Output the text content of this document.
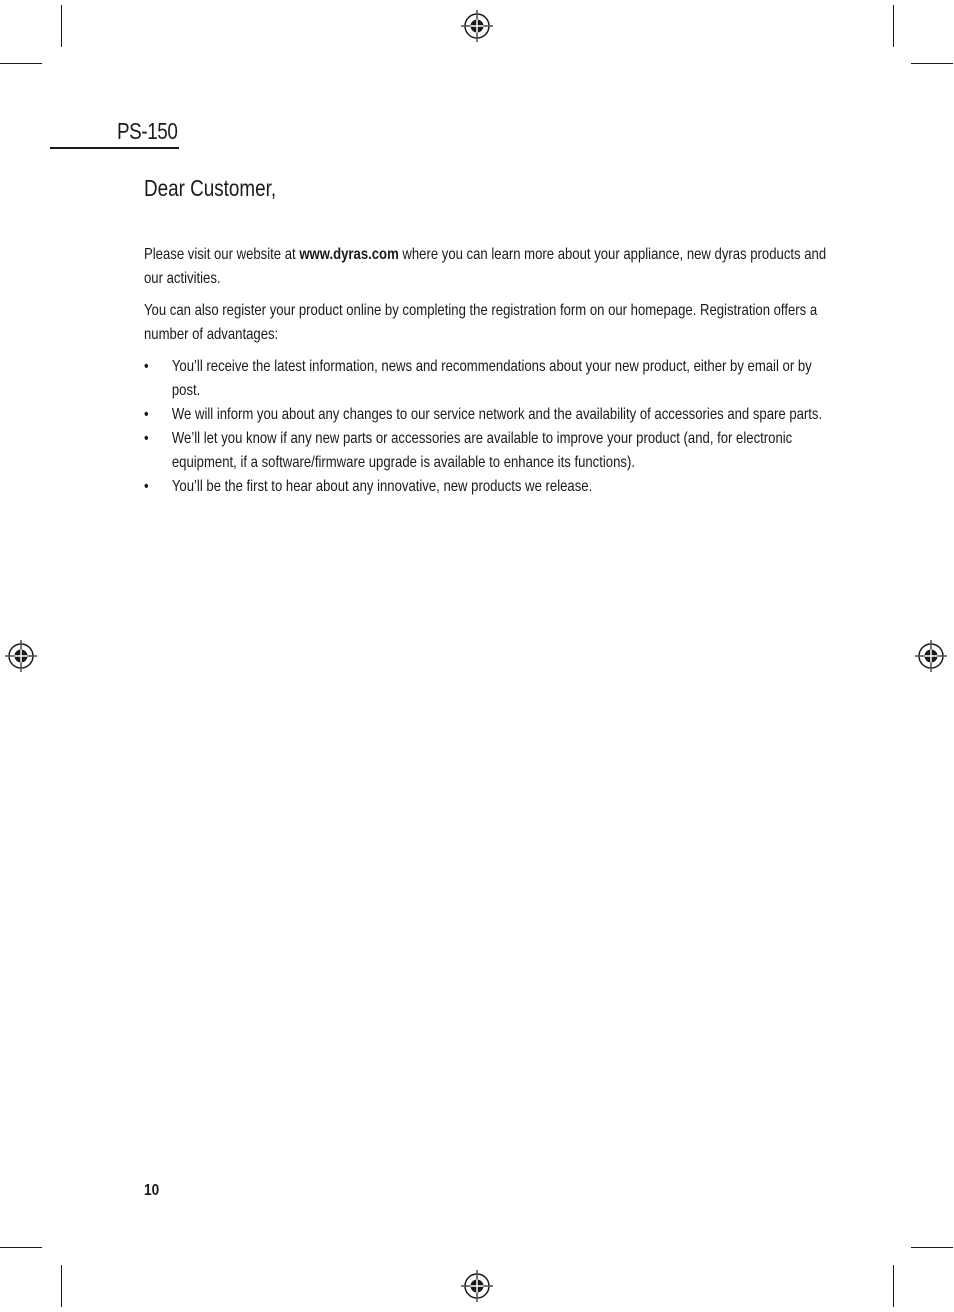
PS-150
Dear Customer,

Please visit our website at www.dyras.com where you can learn more about your appliance, new dyras products and our activities.

You can also register your product online by completing the registration form on our homepage. Registration offers a number of advantages:

• You’ll receive the latest information, news and recommendations about your new product, either by email or by post.
• We will inform you about any changes to our service network and the availability of accessories and spare parts.
• We’ll let you know if any new parts or accessories are available to improve your product (and, for electronic equipment, if a software/firmware upgrade is available to enhance its functions).
• You’ll be the first to hear about any innovative, new products we release.
10
